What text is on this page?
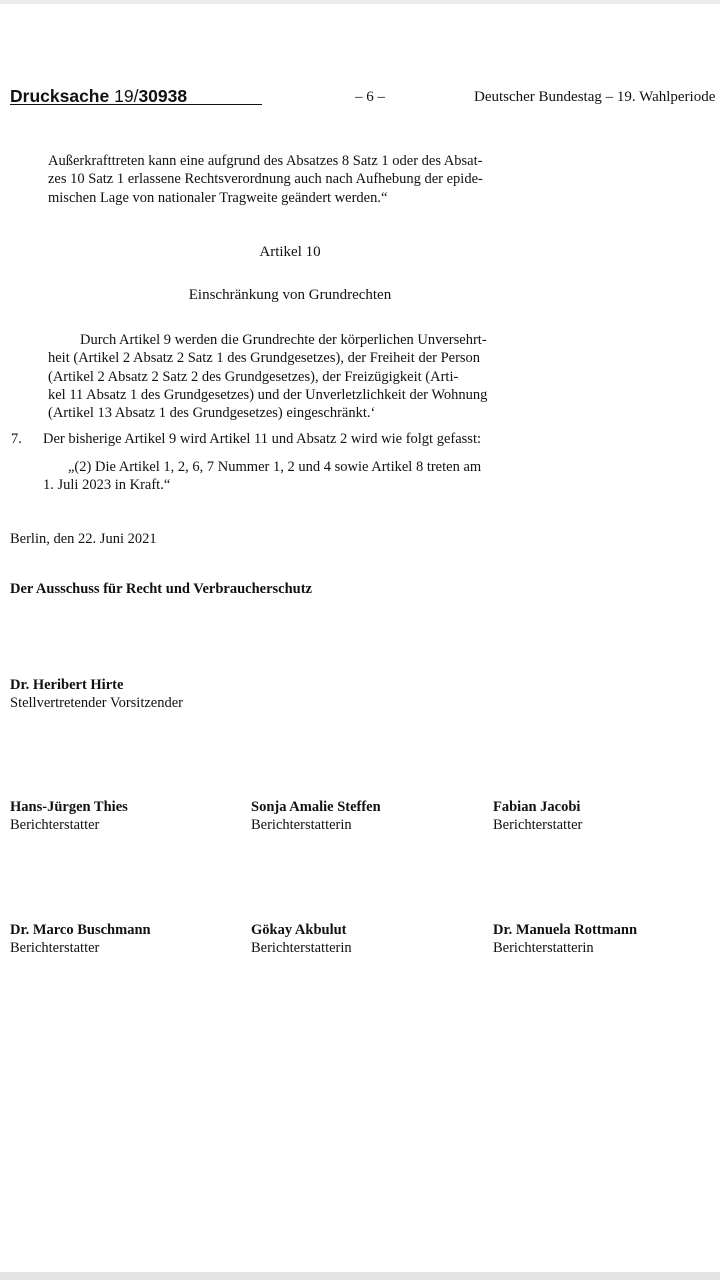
Drucksache 19/30938	– 6 –	Deutscher Bundestag – 19. Wahlperiode
Außerkrafttreten kann eine aufgrund des Absatzes 8 Satz 1 oder des Absat-
zes 10 Satz 1 erlassene Rechtsverordnung auch nach Aufhebung der epide-
mischen Lage von nationaler Tragweite geändert werden.“
Artikel 10
Einschränkung von Grundrechten
Durch Artikel 9 werden die Grundrechte der körperlichen Unversehrt-
heit (Artikel 2 Absatz 2 Satz 1 des Grundgesetzes), der Freiheit der Person
(Artikel 2 Absatz 2 Satz 2 des Grundgesetzes), der Freizügigkeit (Arti-
kel 11 Absatz 1 des Grundgesetzes) und der Unverletzlichkeit der Wohnung
(Artikel 13 Absatz 1 des Grundgesetzes) eingeschränkt.‘
7. Der bisherige Artikel 9 wird Artikel 11 und Absatz 2 wird wie folgt gefasst:
„(2) Die Artikel 1, 2, 6, 7 Nummer 1, 2 und 4 sowie Artikel 8 treten am
1. Juli 2023 in Kraft.“
Berlin, den 22. Juni 2021
Der Ausschuss für Recht und Verbraucherschutz
Dr. Heribert Hirte
Stellvertretender Vorsitzender
Hans-Jürgen Thies
Berichterstatter
Sonja Amalie Steffen
Berichterstatterin
Fabian Jacobi
Berichterstatter
Dr. Marco Buschmann
Berichterstatter
Gökay Akbulut
Berichterstatterin
Dr. Manuela Rottmann
Berichterstatterin
